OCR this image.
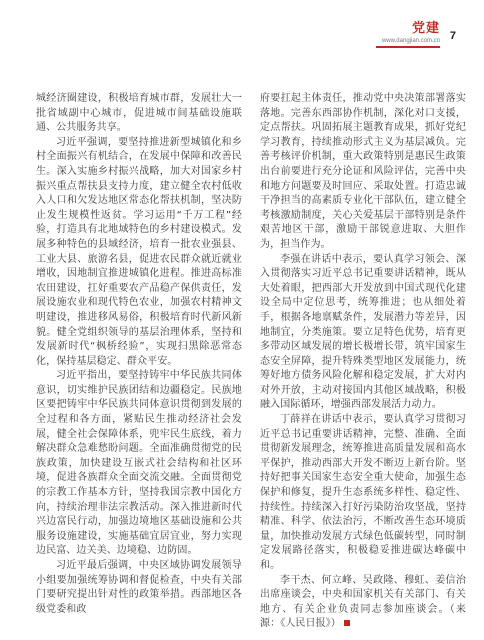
党建
www.dangjian.com.cn 7

城经济圈建设，积极培育城市群，发展壮大一批省域副中心城市，促进城市间基础设施联通、公共服务共享。

习近平强调，要坚持推进新型城镇化和乡村全面振兴有机结合，在发展中保障和改善民生。深入实施乡村振兴战略，加大对国家乡村振兴重点帮扶县支持力度，建立健全农村低收入人口和欠发达地区常态化帮扶机制，坚决防止发生规模性返贫。学习运用“千万工程”经验，打造具有北地域特色的乡村建设模式。发展多种特色的县域经济，培育一批农业强县、工业大县、旅游名县，促进农民群众就近就业增收，因地制宜推进城镇化进程。推进高标准农田建设，扛好重要农产品稳产保供责任，发展设施农业和现代特色农业，加强农村精神文明建设，推进移风易俗，积极培育时代新风新貌。健全党组织领导的基层治理体系，坚持和发展新时代“枫桥经验”，实现扫黑除恶常态化，保持基层稳定、群众平安。

习近平指出，要坚持铸牢中华民族共同体意识，切实维护民族团结和边疆稳定。民族地区要把铸牢中华民族共同体意识贯彻到发展的全过程和各方面，紧贴民生推动经济社会发展，健全社会保障体系，兜牢民生底线，着力解决群众急难愁盼问题。全面准确贯彻党的民族政策，加快建设互嵌式社会结构和社区环境，促进各族群众全面交流交融。全面贯彻党的宗教工作基本方针，坚持我国宗教中国化方向，持续治理非法宗教活动。深入推进新时代兴边富民行动，加强边境地区基础设施和公共服务设施建设，实施基础宜居宜业，努力实现边民富、边关美、边境稳、边防固。

习近平最后强调，中央区域协调发展领导小组要加强统筹协调和督促检查，中央有关部门要研究提出针对性的政策举措。西部地区各级党委和政

府要扛起主体责任，推动党中央决策部署落实落地。完善东西部协作机制，深化对口支援，定点帮扶。巩固拓展主题教育成果，抓好党纪学习教育，持续推动形式主义为基层减负。完善考核评价机制，重大政策特别是惠民生政策出台前要进行充分论证和风险评估，完善中央和地方问题要及时回应、采取处置。打造忠诚干净担当的高素质专业化干部队伍，建立健全考核激励制度，关心关爱基层干部特别是条件艰苦地区干部，激励干部锐意进取、大胆作为，担当作为。

李强在讲话中表示，要认真学习领会、深入贯彻落实习近平总书记重要讲话精神，既从大处着眼，把西部大开发放到中国式现代化建设全局中定位思考，统筹推进；也从细处着手，根据各地禀赋条件，发展潜力等差异，因地制宜，分类施策。要立足特色优势，培育更多带动区域发展的增长极增长带，筑牢国家生态安全屏障，提升特殊类型地区发展能力，统筹好地方债务风险化解和稳定发展，扩大对内对外开放，主动对接国内其他区域战略，积极融入国际循环，增强西部发展活力动力。

丁薛祥在讲话中表示，要认真学习贯彻习近平总书记重要讲话精神，完整、准确、全面贯彻新发展理念，统筹推进高质量发展和高水平保护，推动西部大开发不断迈上新台阶。坚持好把事关国家生态安全重大使命，加强生态保护和修复，提升生态系统多样性、稳定性、持续性。持续深入打好污染防治攻坚战，坚持精准、科学、依法治污，不断改善生态环境质量，加快推动发展方式绿色低碳转型，同时制定发展路径落实，积极稳妥推进碳达峰碳中和。

李干杰、何立峰、吴政隆、穆虹、姜信治出席座谈会，中央和国家机关有关部门、有关地方、有关企业负责同志参加座谈会。（来源：《人民日报》）
